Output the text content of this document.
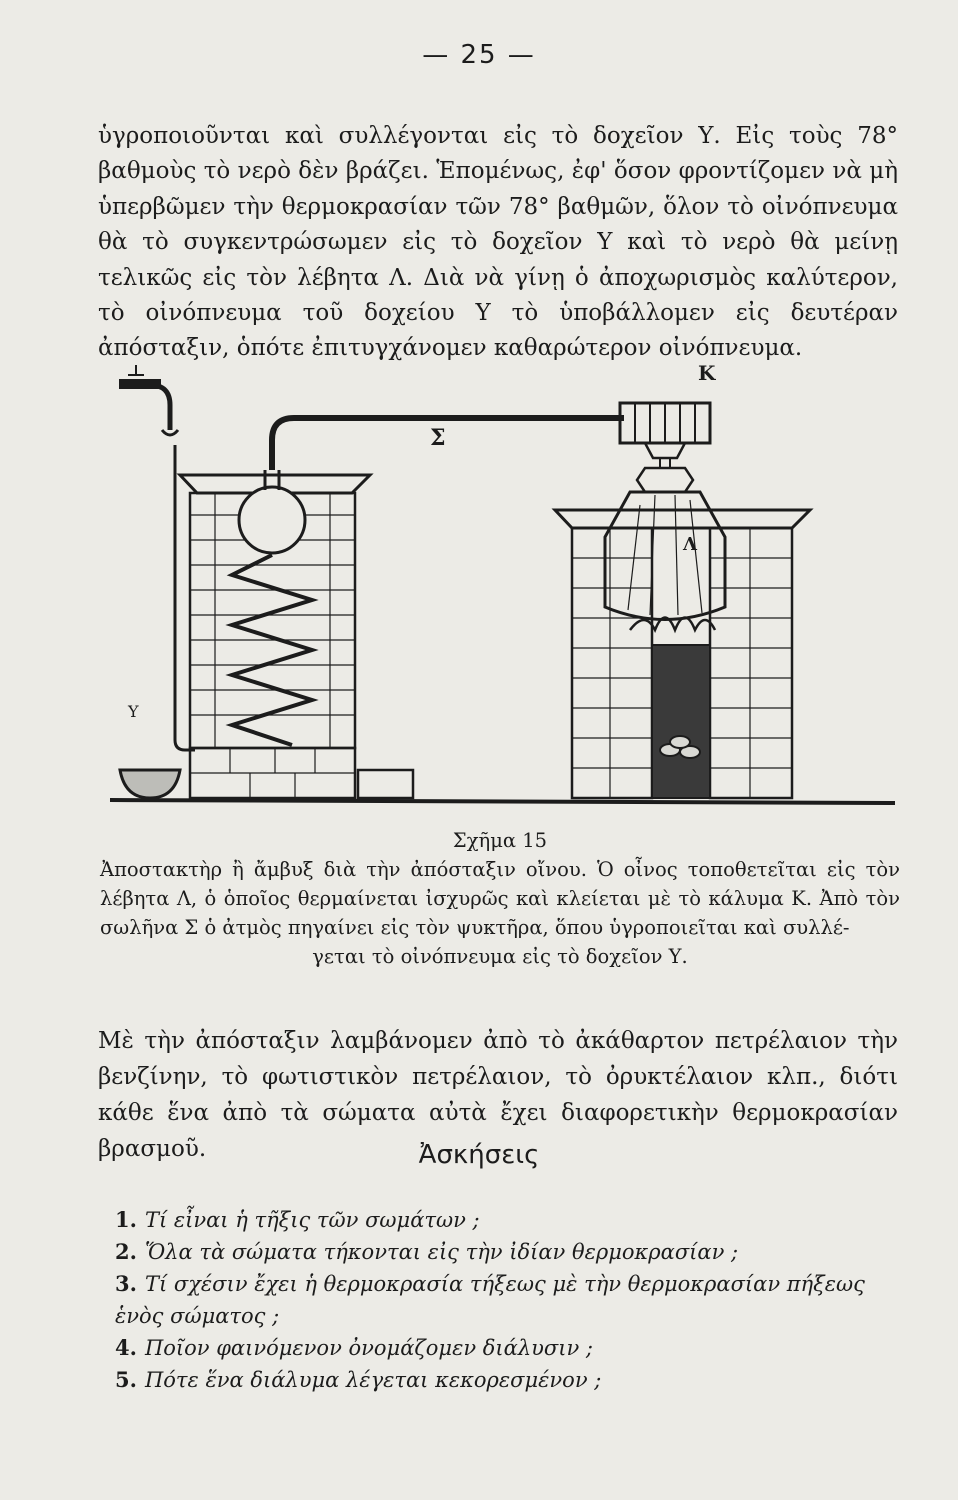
— 25 —

ὑγροποιοῦνται καὶ συλλέγονται εἰς τὸ δοχεῖον Υ. Εἰς τοὺς 78° βαθμοὺς τὸ νερὸ δὲν βράζει. Ἑπομένως, ἐφ' ὅσον φροντίζομεν νὰ μὴ ὑπερβῶμεν τὴν θερμοκρασίαν τῶν 78° βαθμῶν, ὅλον τὸ οἰνόπνευμα θὰ τὸ συγκεντρώσωμεν εἰς τὸ δοχεῖον Υ καὶ τὸ νερὸ θὰ μείνῃ τελικῶς εἰς τὸν λέβητα Λ. Διὰ νὰ γίνῃ ὁ ἀποχωρισμὸς καλύτερον, τὸ οἰνόπνευμα τοῦ δοχείου Υ τὸ ὑποβάλλομεν εἰς δευτέραν ἀπόσταξιν, ὁπότε ἐπιτυγχάνομεν καθαρώτερον οἰνόπνευμα.

Y
Σ
Κ
Λ
Σχῆμα 15
Ἀποστακτὴρ ἢ ἄμβυξ διὰ τὴν ἀπόσταξιν οἴνου. Ὁ οἶνος τοποθετεῖται εἰς τὸν λέβητα Λ, ὁ ὁποῖος θερμαίνεται ἰσχυρῶς καὶ κλείεται μὲ τὸ κάλυμα Κ. Ἀπὸ τὸν σωλῆνα Σ ὁ ἀτμὸς πηγαίνει εἰς τὸν ψυκτῆρα, ὅπου ὑγροποιεῖται καὶ συλλέ-
γεται τὸ οἰνόπνευμα εἰς τὸ δοχεῖον Υ.

Μὲ τὴν ἀπόσταξιν λαμβάνομεν ἀπὸ τὸ ἀκάθαρτον πετρέλαιον τὴν βενζίνην, τὸ φωτιστικὸν πετρέλαιον, τὸ ὀρυκτέλαιον κλπ., διότι κάθε ἕνα ἀπὸ τὰ σώματα αὐτὰ ἔχει διαφορετικὴν θερμοκρασίαν βρασμοῦ.	Ἀσκήσεις
1. Τί εἶναι ἡ τῆξις τῶν σωμάτων ;
2. Ὅλα τὰ σώματα τήκονται εἰς τὴν ἰδίαν θερμοκρασίαν ;
3. Τί σχέσιν ἔχει ἡ θερμοκρασία τήξεως μὲ τὴν θερμοκρασίαν πήξεως ἑνὸς σώματος ;
4. Ποῖον φαινόμενον ὀνομάζομεν διάλυσιν ;
5. Πότε ἕνα διάλυμα λέγεται κεκορεσμένον ;
